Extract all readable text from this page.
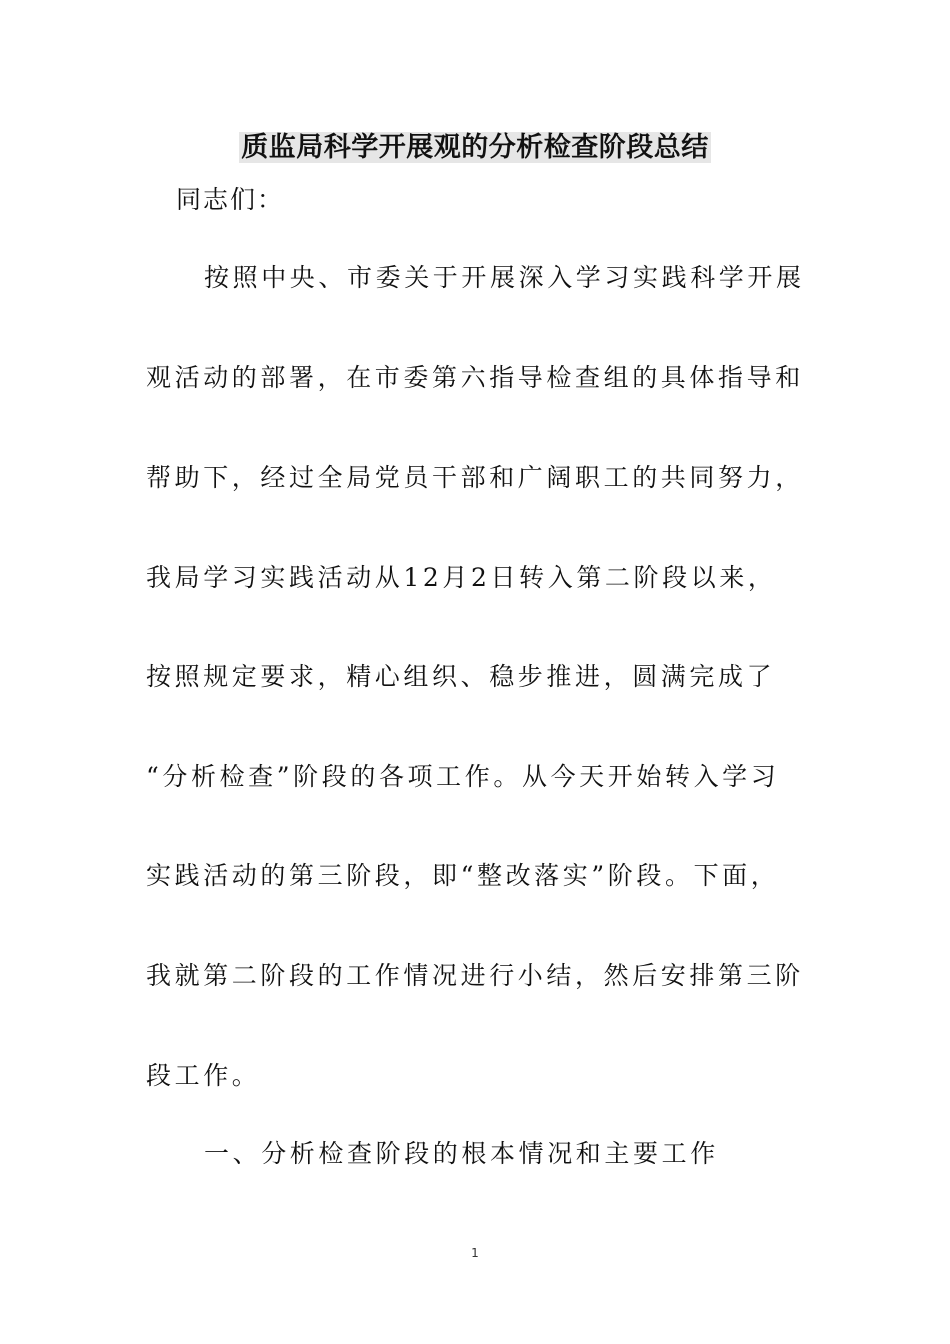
质监局科学开展观的分析检查阶段总结
同志们：
按照中央、市委关于开展深入学习实践科学开展
观活动的部署，在市委第六指导检查组的具体指导和
帮助下，经过全局党员干部和广阔职工的共同努力，
我局学习实践活动从12月2日转入第二阶段以来，
按照规定要求，精心组织、稳步推进，圆满完成了
“分析检查”阶段的各项工作。从今天开始转入学习
实践活动的第三阶段，即“整改落实”阶段。下面，
我就第二阶段的工作情况进行小结，然后安排第三阶
段工作。
一、分析检查阶段的根本情况和主要工作
1
